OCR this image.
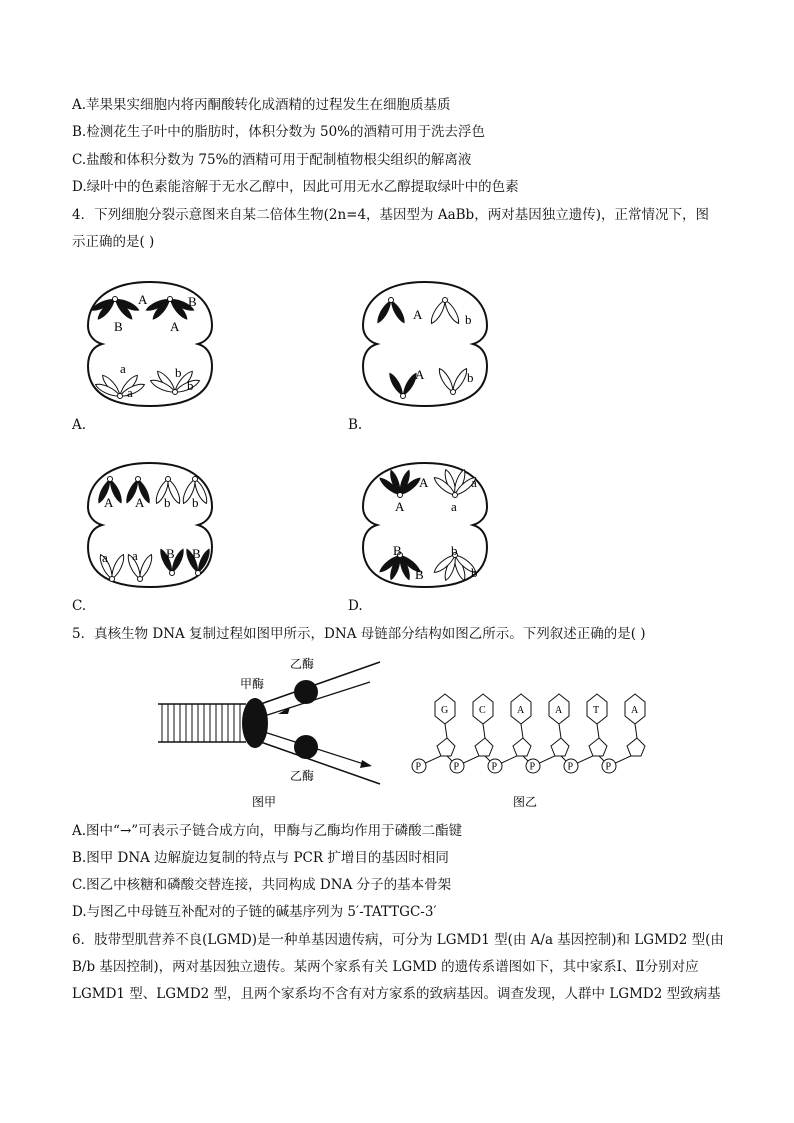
A.苹果果实细胞内将丙酮酸转化成酒精的过程发生在细胞质基质
B.检测花生子叶中的脂肪时，体积分数为 50%的酒精可用于洗去浮色
C.盐酸和体积分数为 75%的酒精可用于配制植物根尖组织的解离液
D.绿叶中的色素能溶解于无水乙醇中，因此可用无水乙醇提取绿叶中的色素
4．下列细胞分裂示意图来自某二倍体生物(2n=4，基因型为 AaBb，两对基因独立遗传)，正常情况下，图
示正确的是( )
A	B
B	A
a
a
b
b
A.
A	b
A	b
B.
A A b b
a a B B
C.
A
A
a
a
B
B
b
b
D.
5．真核生物 DNA 复制过程如图甲所示，DNA 母链部分结构如图乙所示。下列叙述正确的是( )
甲酶
乙酶
乙酶
图甲
P	P	P	P	P	P
G	C	A	A	T	A
图乙
A.图中“→”可表示子链合成方向，甲酶与乙酶均作用于磷酸二酯键
B.图甲 DNA 边解旋边复制的特点与 PCR 扩增目的基因时相同
C.图乙中核糖和磷酸交替连接，共同构成 DNA 分子的基本骨架
D.与图乙中母链互补配对的子链的碱基序列为 5′-TATTGC-3′
6．肢带型肌营养不良(LGMD)是一种单基因遗传病，可分为 LGMD1 型(由 A/a 基因控制)和 LGMD2 型(由
B/b 基因控制)，两对基因独立遗传。某两个家系有关 LGMD 的遗传系谱图如下，其中家系Ⅰ、Ⅱ分别对应
LGMD1 型、LGMD2 型，且两个家系均不含有对方家系的致病基因。调查发现，人群中 LGMD2 型致病基
